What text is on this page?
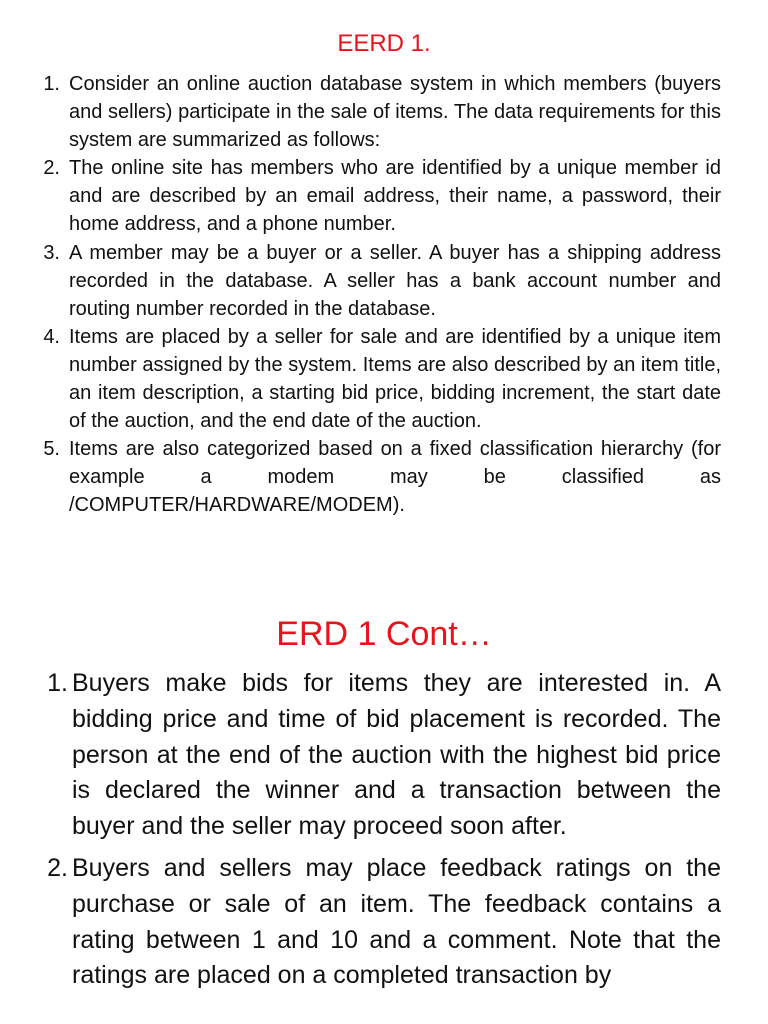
EERD 1.
1. Consider an online auction database system in which members (buyers and sellers) participate in the sale of items. The data requirements for this system are summarized as follows:
2. The online site has members who are identified by a unique member id and are described by an email address, their name, a password, their home address, and a phone number.
3. A member may be a buyer or a seller. A buyer has a shipping address recorded in the database. A seller has a bank account number and routing number recorded in the database.
4. Items are placed by a seller for sale and are identified by a unique item number assigned by the system. Items are also described by an item title, an item description, a starting bid price, bidding increment, the start date of the auction, and the end date of the auction.
5. Items are also categorized based on a fixed classification hierarchy (for example a modem may be classified as /COMPUTER/HARDWARE/MODEM).
ERD 1 Cont…
1. Buyers make bids for items they are interested in. A bidding price and time of bid placement is recorded. The person at the end of the auction with the highest bid price is declared the winner and a transaction between the buyer and the seller may proceed soon after.
2. Buyers and sellers may place feedback ratings on the purchase or sale of an item. The feedback contains a rating between 1 and 10 and a comment. Note that the ratings are placed on a completed transaction by
